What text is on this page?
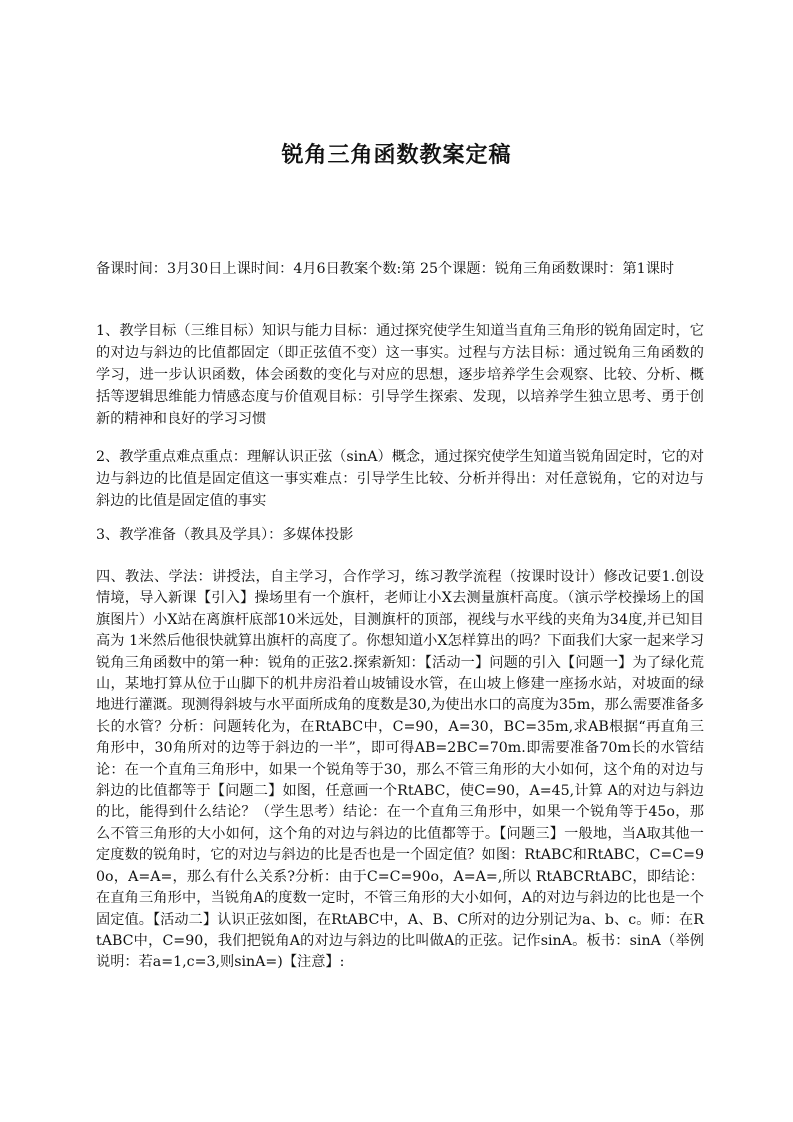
锐角三角函数教案定稿

备课时间：3月30日上课时间：4月6日教案个数:第 25个课题：锐角三角函数课时：第1课时

1、教学目标（三维目标）知识与能力目标：通过探究使学生知道当直角三角形的锐角固定时，它的对边与斜边的比值都固定（即正弦值不变）这一事实。过程与方法目标：通过锐角三角函数的学习，进一步认识函数，体会函数的变化与对应的思想，逐步培养学生会观察、比较、分析、概括等逻辑思维能力情感态度与价值观目标：引导学生探索、发现，以培养学生独立思考、勇于创新的精神和良好的学习习惯

2、教学重点难点重点：理解认识正弦（sinA）概念，通过探究使学生知道当锐角固定时，它的对边与斜边的比值是固定值这一事实难点：引导学生比较、分析并得出：对任意锐角，它的对边与斜边的比值是固定值的事实

3、教学准备（教具及学具）：多媒体投影

四、教法、学法：讲授法，自主学习，合作学习，练习教学流程（按课时设计）修改记要1.创设情境，导入新课【引入】操场里有一个旗杆，老师让小X去测量旗杆高度。（演示学校操场上的国旗图片）小X站在离旗杆底部10米远处，目测旗杆的顶部，视线与水平线的夹角为34度,并已知目高为 1米然后他很快就算出旗杆的高度了。你想知道小X怎样算出的吗？下面我们大家一起来学习锐角三角函数中的第一种：锐角的正弦2.探索新知：【活动一】问题的引入【问题一】为了绿化荒山，某地打算从位于山脚下的机井房沿着山坡铺设水管，在山坡上修建一座扬水站，对坡面的绿地进行灌溉。现测得斜坡与水平面所成角的度数是30,为使出水口的高度为35m，那么需要准备多长的水管？分析：问题转化为，在RtABC中，C=90，A=30，BC=35m,求AB根据“再直角三角形中，30角所对的边等于斜边的一半”，即可得AB=2BC=70m.即需要准备70m长的水管结论：在一个直角三角形中，如果一个锐角等于30，那么不管三角形的大小如何，这个角的对边与斜边的比值都等于【问题二】如图，任意画一个RtABC，使C=90，A=45,计算 A的对边与斜边的比，能得到什么结论？（学生思考）结论：在一个直角三角形中，如果一个锐角等于45o，那么不管三角形的大小如何，这个角的对边与斜边的比值都等于。【问题三】一般地，当A取其他一定度数的锐角时，它的对边与斜边的比是否也是一个固定值？如图：RtABC和RtABC，C=C=90o，A=A=，那么有什么关系?分析：由于C=C=90o，A=A=,所以 RtABCRtABC，即结论：在直角三角形中，当锐角A的度数一定时，不管三角形的大小如何，A的对边与斜边的比也是一个固定值。【活动二】认识正弦如图，在RtABC中，A、B、C所对的边分别记为a、b、c。师：在RtABC中，C=90，我们把锐角A的对边与斜边的比叫做A的正弦。记作sinA。板书：sinA（举例说明：若a=1,c=3,则sinA=)【注意】:
